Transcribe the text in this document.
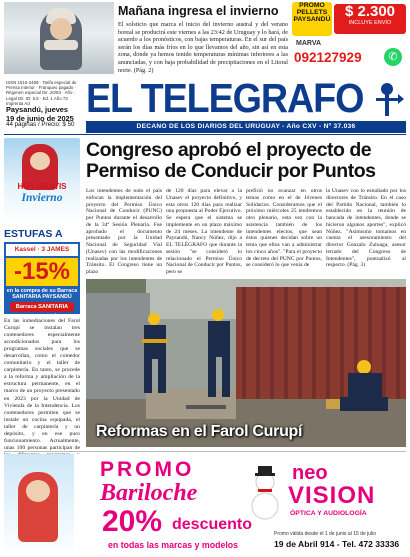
Mañana ingresa el invierno
El solsticio que marca el inicio del invierno austral y del verano boreal se producirá este viernes a las 23:42 de Uruguay y lo hará, de acuerdo a los pronósticos, con bajas temperaturas. En el sur del país serán los días más fríos en lo que llevamos del año, sin así en esta zona, donde ya hemos tenido temperaturas mínimas inferiores a las anunciadas, y con baja probabilidad de precipitaciones en el Litoral norte. (Pág. 2)
PROMO
PELLETS
PAYSANDÚ $ 2.300
INCLUYE ENVÍO
MARVA
092127929	✆
ISSN 1510-2459 · Tarifa especial de Prensa Interior · Franqueo pagado · Régimen especial Dir. 20/83 · Año · Legal Dir. ID: 5.5 · Ed. 1 Año 73 Imprenta Ad
Paysandú, jueves
19 de junio de 2025
44 páginas / Precio: $ 50
EL TELEGRAFO
DECANO DE LOS DIARIOS DEL URUGUAY - Año CXV - Nº 37.036
HOY GRATIS
Invierno
ESTUFAS A
Kassel · 3 JAMES
-15%
en la compra de su Barraca SANITARIA PAYSANDÚ
Barraca SANITARIA
En las inmediaciones del Farol Curupí se instalan tres contenedores especialmente acondicionados para los programas sociales que se desarrollan, como el comedor comunitario y el taller de carpintería. En tanto, se procede a la reforma y ampliación de la estructura permanente, en el marco de un proyecto presentado en 2023 por la Unidad de Vivienda de la Intendencia. Los contenedores permiten que se instale un cocina equipada, el taller de carpintería y un depósito, y en ese puro funcionamiento. Actualmente, unas 100 personas participan de
Congreso aprobó el proyecto de Permiso de Conducir por Puntos
Los intendentes de todo el país enfocan la implementación del proyecto del Permiso Único Nacional de Conducir (PUNC) por Puntos durante el desarrollo de la 34ª Sesión Plenaria. Fue aprobado el documento presentado por la Unidad Nacional de Seguridad Vial (Unasev) con las modificaciones realizadas por los intendentes de Tránsito. El Congreso tiene un plazo
de 120 días para elevar a la Unasev el proyecto definitivo, y esta otros 120 días para realizar una propuesta al Poder Ejecutivo. Se espera que el sistema se implemente en un plazo máximo de 24 meses. La intendente de Paysandú, Nancy Núñez, dijo a EL TELÉGRAFO que durante la sesión "se consideró lo relacionado el Permiso Único Nacional de Conducir por Puntos, pero se
prefirió no avanzar en otros temas como en el de Jóvenes Solidarios. Consideramos que el próximo miércoles 25 tendremos otro plenario, esta vez con la asistencia también de los intendentes electos, que sean éstos quienes decidan sobre un tema que ellos van a administrar los cinco años". "Para el proyecto de decreto del PUNC por Puntos, se consideró lo que venía de
la Unasev con lo estudiado por los directores de Tránsito. En el caso del Partido Nacional, también lo establecido en la reunión de bancada de intendentes, donde se hicieron algunos aportes", explicó Núñez. "Asimismo tomamos en cuenta el asesoramiento del director Gonzalo Zuluaga, asesor letrado del Congreso de Intendentes", puntualizó al respecto. (Pág. 3)
Reformas en el Farol Curupí
PROMO
Bariloche
20% descuento
en todas las marcas y modelos
neo
VISION
ÓPTICA Y AUDIOLOGÍA
Promo válida desde el 1 de junio al 15 de julio
19 de Abril 914 - Tel. 472 33336
